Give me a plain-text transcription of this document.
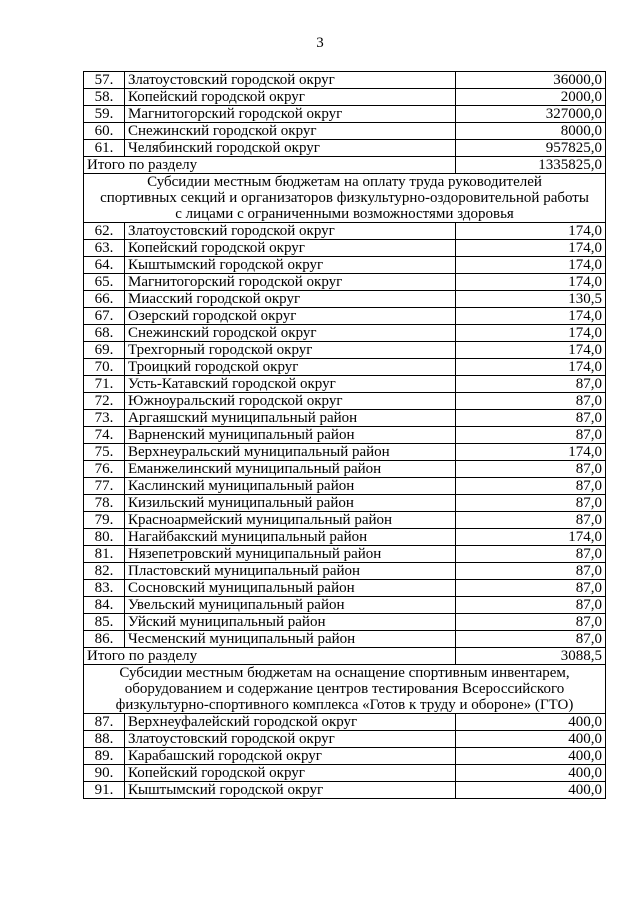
3
57.	Златоустовский городской округ	36000,0
58.	Копейский городской округ	2000,0
59.	Магнитогорский городской округ	327000,0
60.	Снежинский городской округ	8000,0
61.	Челябинский городской округ	957825,0
Итого по разделу		1335825,0

Субсидии местным бюджетам на оплату труда руководителей
спортивных секций и организаторов физкультурно-оздоровительной работы
с лицами с ограниченными возможностями здоровья		

62.	Златоустовский городской округ	174,0
63.	Копейский городской округ	174,0
64.	Кыштымский городской округ	174,0
65.	Магнитогорский городской округ	174,0
66.	Миасский городской округ	130,5
67.	Озерский городской округ	174,0
68.	Снежинский городской округ	174,0
69.	Трехгорный городской округ	174,0
70.	Троицкий городской округ	174,0
71.	Усть-Катавский городской округ	87,0
72.	Южноуральский городской округ	87,0
73.	Аргаяшский муниципальный район	87,0
74.	Варненский муниципальный район	87,0
75.	Верхнеуральский муниципальный район	174,0
76.	Еманжелинский муниципальный район	87,0
77.	Каслинский муниципальный район	87,0
78.	Кизильский муниципальный район	87,0
79.	Красноармейский муниципальный район	87,0
80.	Нагайбакский муниципальный район	174,0
81.	Нязепетровский муниципальный район	87,0
82.	Пластовский муниципальный район	87,0
83.	Сосновский муниципальный район	87,0
84.	Увельский муниципальный район	87,0
85.	Уйский муниципальный район	87,0
86.	Чесменский муниципальный район	87,0
Итого по разделу		3088,5

Субсидии местным бюджетам на оснащение спортивным инвентарем,
оборудованием и содержание центров тестирования Всероссийского
физкультурно-спортивного комплекса «Готов к труду и обороне» (ГТО)		

87.	Верхнеуфалейский городской округ	400,0
88.	Златоустовский городской округ	400,0
89.	Карабашский городской округ	400,0
90.	Копейский городской округ	400,0
91.	Кыштымский городской округ	400,0
